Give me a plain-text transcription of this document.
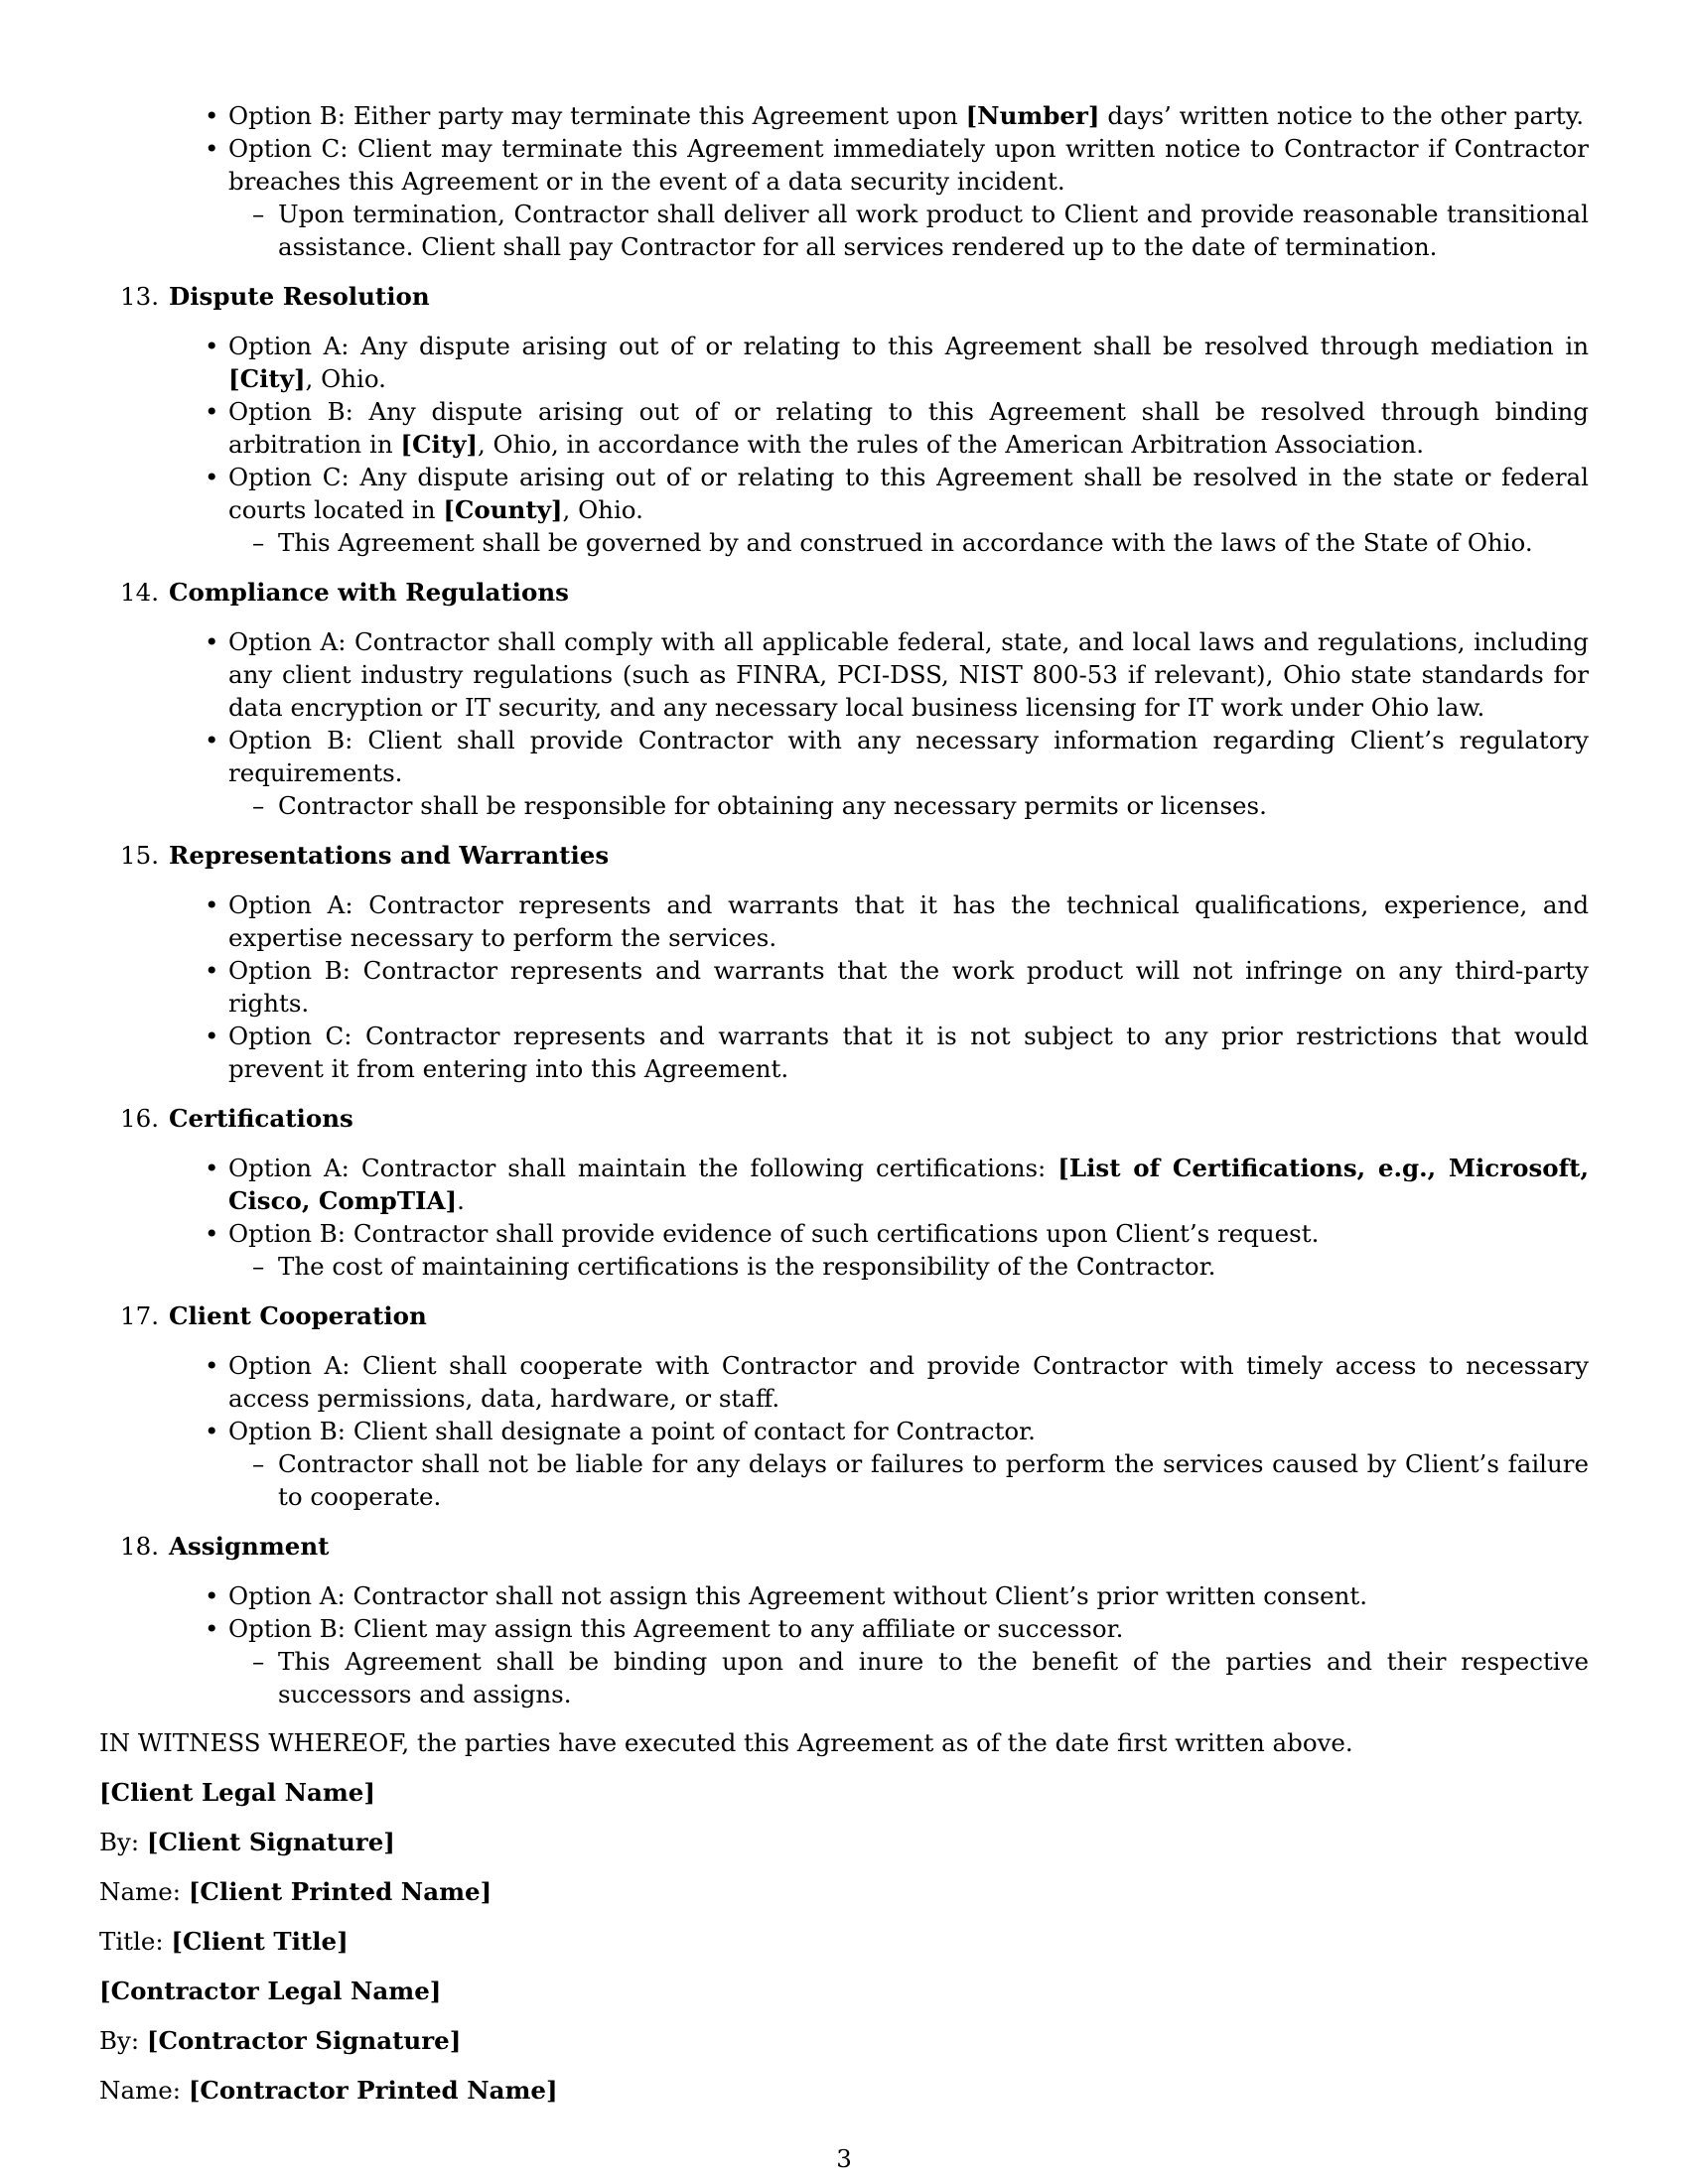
• Option B: Either party may terminate this Agreement upon [Number] days’ written notice to the other party.
• Option C: Client may terminate this Agreement immediately upon written notice to Contractor if Contractor breaches this Agreement or in the event of a data security incident.
– Upon termination, Contractor shall deliver all work product to Client and provide reasonable transitional assistance. Client shall pay Contractor for all services rendered up to the date of termination.
13. Dispute Resolution
• Option A: Any dispute arising out of or relating to this Agreement shall be resolved through mediation in [City], Ohio.
• Option B: Any dispute arising out of or relating to this Agreement shall be resolved through binding arbitration in [City], Ohio, in accordance with the rules of the American Arbitration Association.
• Option C: Any dispute arising out of or relating to this Agreement shall be resolved in the state or federal courts located in [County], Ohio.
– This Agreement shall be governed by and construed in accordance with the laws of the State of Ohio.
14. Compliance with Regulations
• Option A: Contractor shall comply with all applicable federal, state, and local laws and regulations, including any client industry regulations (such as FINRA, PCI-DSS, NIST 800-53 if relevant), Ohio state standards for data encryption or IT security, and any necessary local business licensing for IT work under Ohio law.
• Option B: Client shall provide Contractor with any necessary information regarding Client’s regulatory requirements.
– Contractor shall be responsible for obtaining any necessary permits or licenses.
15. Representations and Warranties
• Option A: Contractor represents and warrants that it has the technical qualifications, experience, and expertise necessary to perform the services.
• Option B: Contractor represents and warrants that the work product will not infringe on any third-party rights.
• Option C: Contractor represents and warrants that it is not subject to any prior restrictions that would prevent it from entering into this Agreement.
16. Certifications
• Option A: Contractor shall maintain the following certifications: [List of Certifications, e.g., Microsoft, Cisco, CompTIA].
• Option B: Contractor shall provide evidence of such certifications upon Client’s request.
– The cost of maintaining certifications is the responsibility of the Contractor.
17. Client Cooperation
• Option A: Client shall cooperate with Contractor and provide Contractor with timely access to necessary access permissions, data, hardware, or staff.
• Option B: Client shall designate a point of contact for Contractor.
– Contractor shall not be liable for any delays or failures to perform the services caused by Client’s failure to cooperate.
18. Assignment
• Option A: Contractor shall not assign this Agreement without Client’s prior written consent.
• Option B: Client may assign this Agreement to any affiliate or successor.
– This Agreement shall be binding upon and inure to the benefit of the parties and their respective successors and assigns.
IN WITNESS WHEREOF, the parties have executed this Agreement as of the date first written above.
[Client Legal Name]
By: [Client Signature]
Name: [Client Printed Name]
Title: [Client Title]
[Contractor Legal Name]
By: [Contractor Signature]
Name: [Contractor Printed Name]
3
